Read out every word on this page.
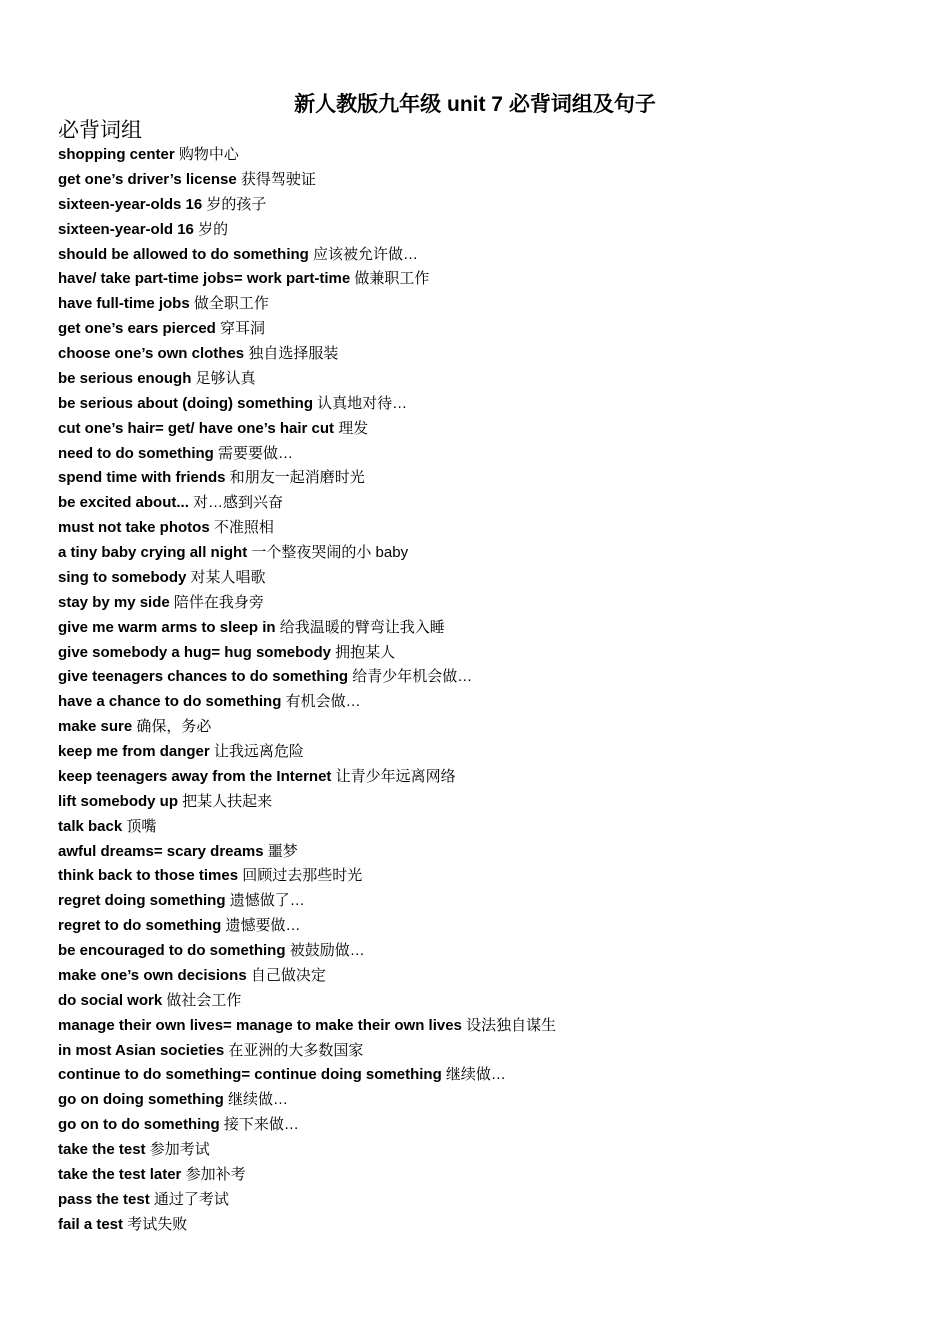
新人教版九年级 unit 7 必背词组及句子
必背词组
shopping center 购物中心
get one’s driver’s license 获得驾驶证
sixteen-year-olds 16 岁的孩子
sixteen-year-old 16 岁的
should be allowed to do something 应该被允许做…
have/ take part-time jobs= work part-time 做兼职工作
have full-time jobs 做全职工作
get one’s ears pierced 穿耳洞
choose one’s own clothes 独自选择服装
be serious enough 足够认真
be serious about (doing) something 认真地对待…
cut one’s hair= get/ have one’s hair cut 理发
need to do something 需要要做…
spend time with friends 和朋友一起消磨时光
be excited about... 对…感到兴奋
must not take photos 不准照相
a tiny baby crying all night 一个整夜哭闹的小 baby
sing to somebody 对某人唱歌
stay by my side 陪伴在我身旁
give me warm arms to sleep in 给我温暖的臂弯让我入睡
give somebody a hug= hug somebody 拥抱某人
give teenagers chances to do something 给青少年机会做…
have a chance to do something 有机会做…
make sure 确保，务必
keep me from danger 让我远离危险
keep teenagers away from the Internet 让青少年远离网络
lift somebody up 把某人扶起来
talk back 顶嘴
awful dreams= scary dreams 噩梦
think back to those times 回顾过去那些时光
regret doing something 遗憾做了…
regret to do something 遗憾要做…
be encouraged to do something 被鼓励做…
make one’s own decisions 自己做决定
do social work 做社会工作
manage their own lives= manage to make their own lives 设法独自谋生
in most Asian societies 在亚洲的大多数国家
continue to do something= continue doing something 继续做…
go on doing something 继续做…
go on to do something 接下来做…
take the test 参加考试
take the test later 参加补考
pass the test 通过了考试
fail a test 考试失败
